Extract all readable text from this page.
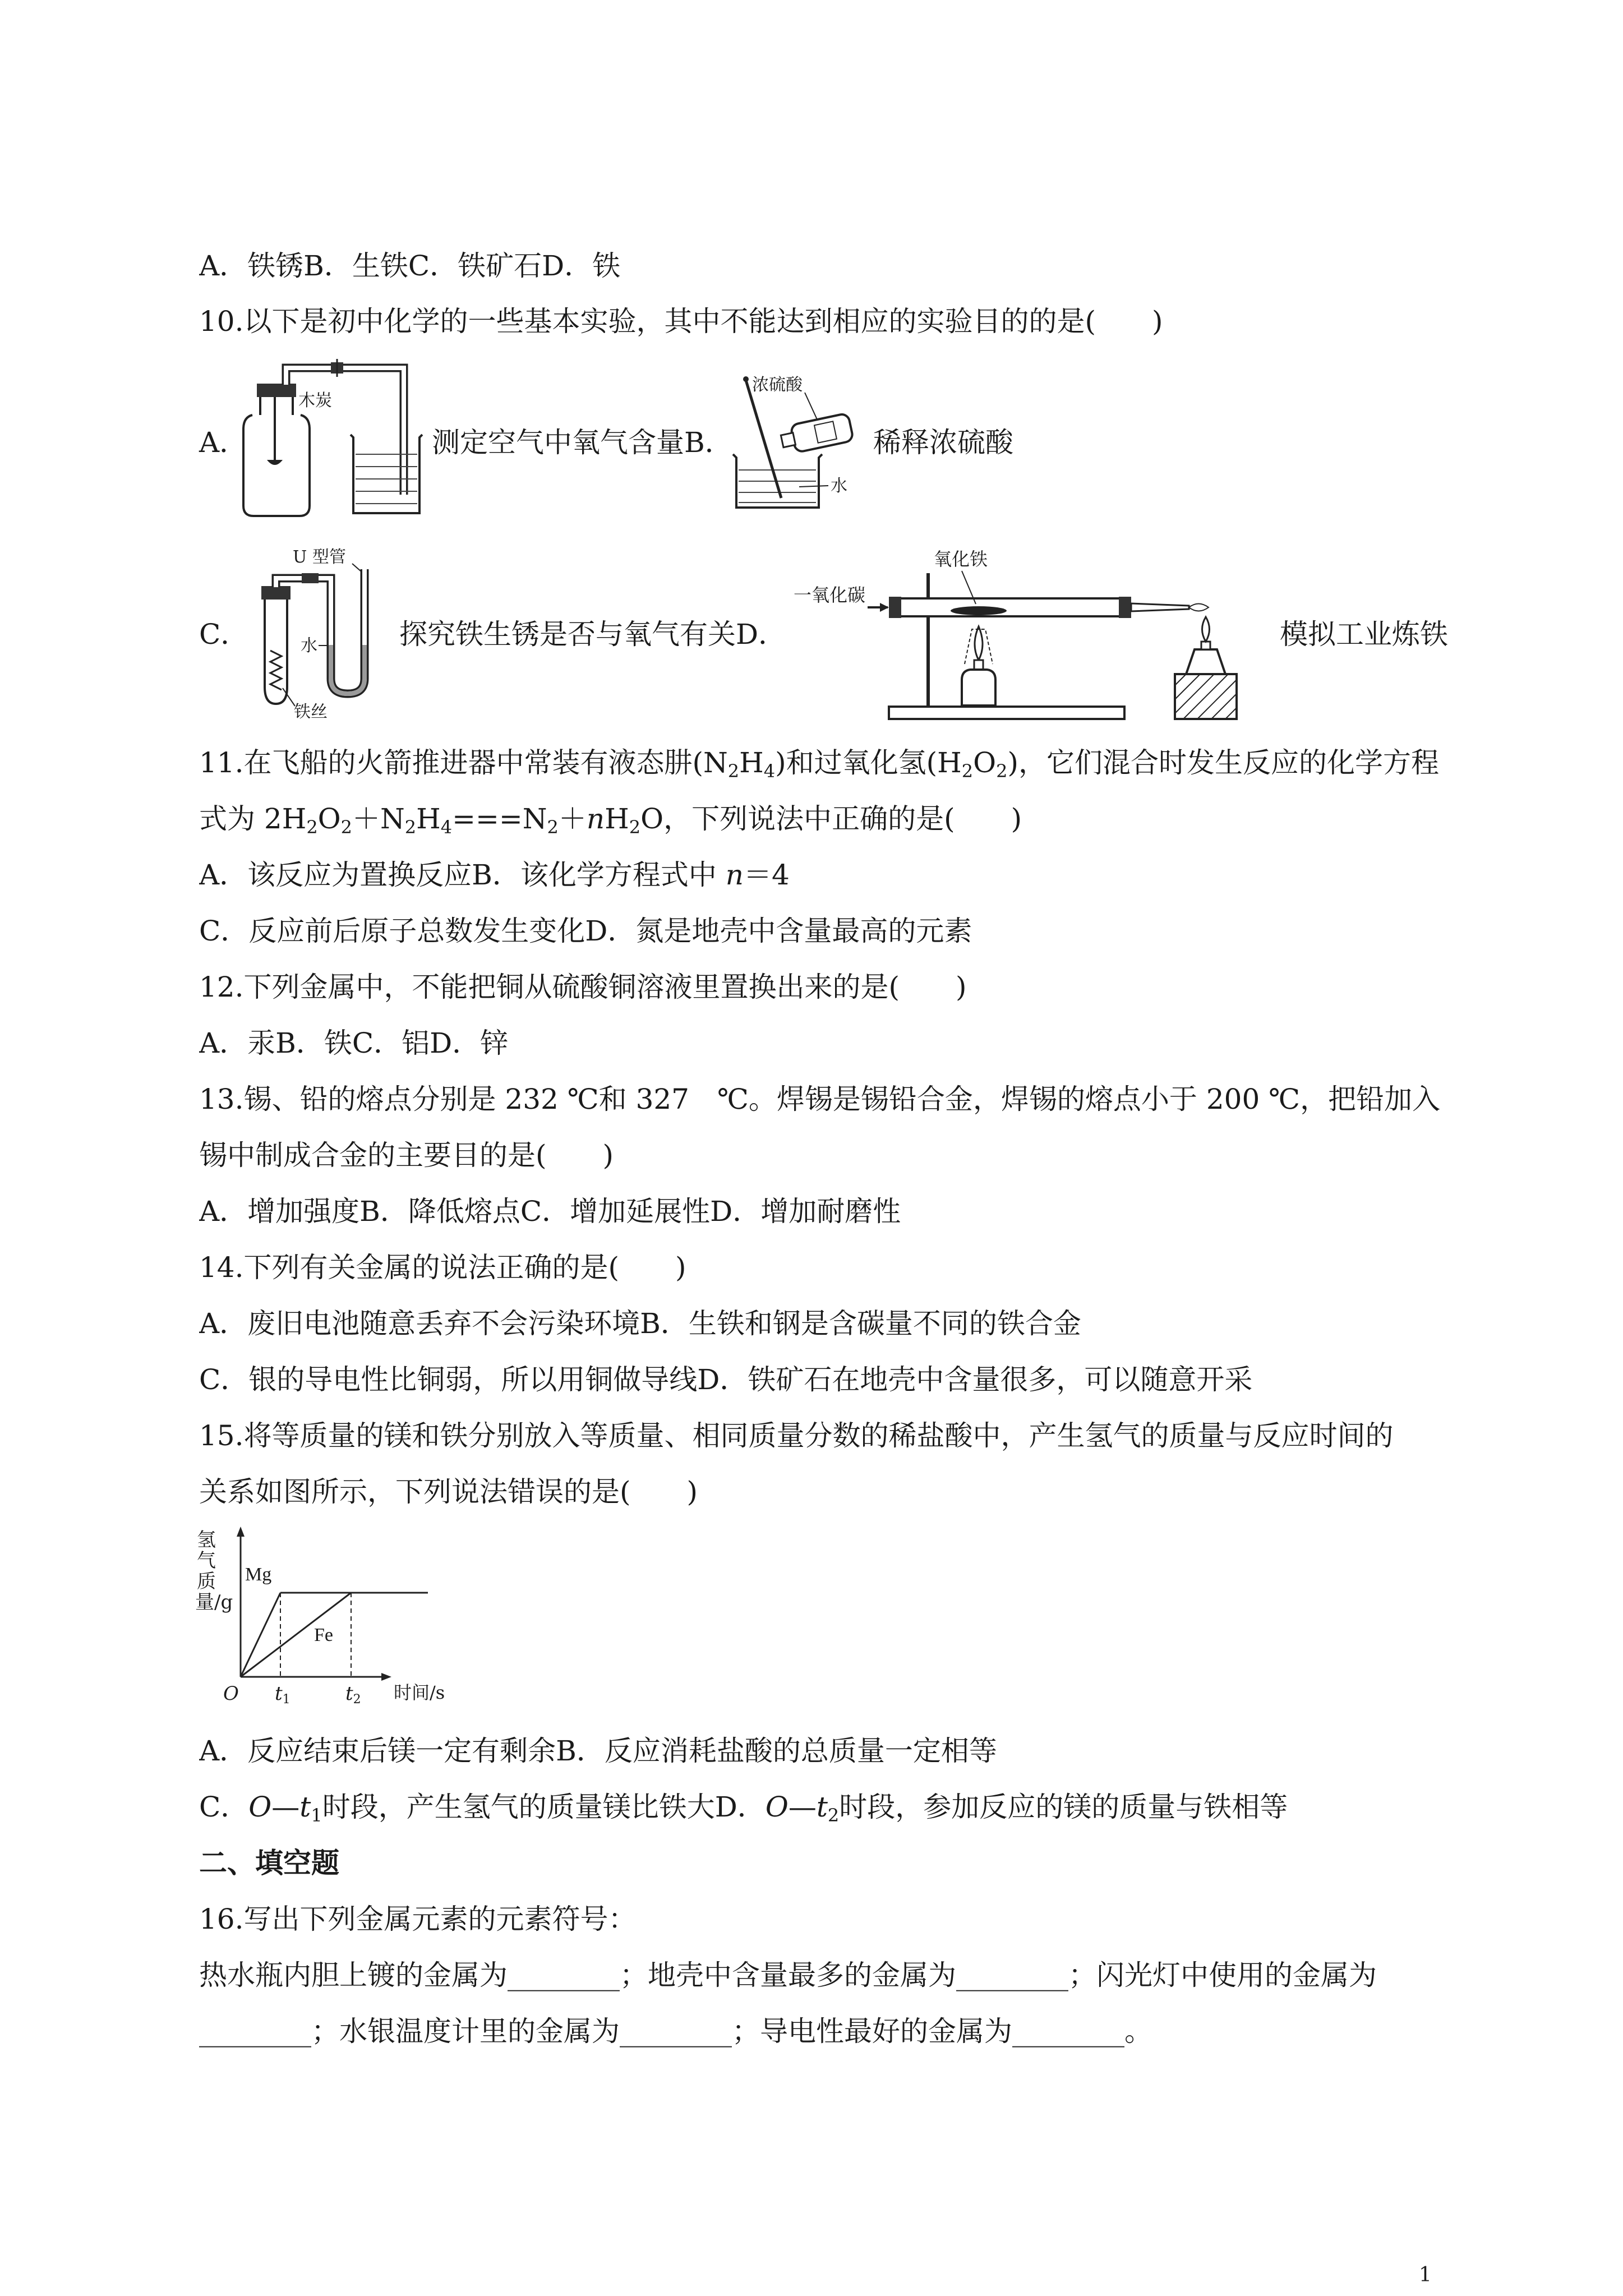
A．铁锈B．生铁C．铁矿石D．铁
10.以下是初中化学的一些基本实验，其中不能达到相应的实验目的的是(　　)
A．
木炭
测定空气中氧气含量B．
浓硫酸
水
稀释浓硫酸
C．
U 型管
水
铁丝
探究铁生锈是否与氧气有关D．
一氧化碳
氧化铁
模拟工业炼铁
11.在飞船的火箭推进器中常装有液态肼$(N_2H_4)$和过氧化氢$(H_2O_2)$，它们混合时发生反应的化学方程
式为 $2H_2O_2+N_2H_4===N_2+nH_2O$，下列说法中正确的是(　　)
A．该反应为置换反应B．该化学方程式中 n＝4
C．反应前后原子总数发生变化D．氮是地壳中含量最高的元素
12.下列金属中，不能把铜从硫酸铜溶液里置换出来的是(　　)
A．汞B．铁C．铝D．锌
13.锡、铅的熔点分别是 232 ℃和 327　℃。焊锡是锡铅合金，焊锡的熔点小于 200 ℃，把铅加入
锡中制成合金的主要目的是(　　)
A．增加强度B．降低熔点C．增加延展性D．增加耐磨性
14.下列有关金属的说法正确的是(　　)
A．废旧电池随意丢弃不会污染环境B．生铁和钢是含碳量不同的铁合金
C．银的导电性比铜弱，所以用铜做导线D．铁矿石在地壳中含量很多，可以随意开采
15.将等质量的镁和铁分别放入等质量、相同质量分数的稀盐酸中，产生氢气的质量与反应时间的
关系如图所示，下列说法错误的是(　　)
氢气质量/g
Mg
Fe
O $t_1$	$t_2$ 时间/s
A．反应结束后镁一定有剩余B．反应消耗盐酸的总质量一定相等
C．$O—t_1$时段，产生氢气的质量镁比铁大D．$O—t_2$时段，参加反应的镁的质量与铁相等
二、填空题
16.写出下列金属元素的元素符号：
热水瓶内胆上镀的金属为________；地壳中含量最多的金属为________；闪光灯中使用的金属为
________；水银温度计里的金属为________；导电性最好的金属为________。
1
